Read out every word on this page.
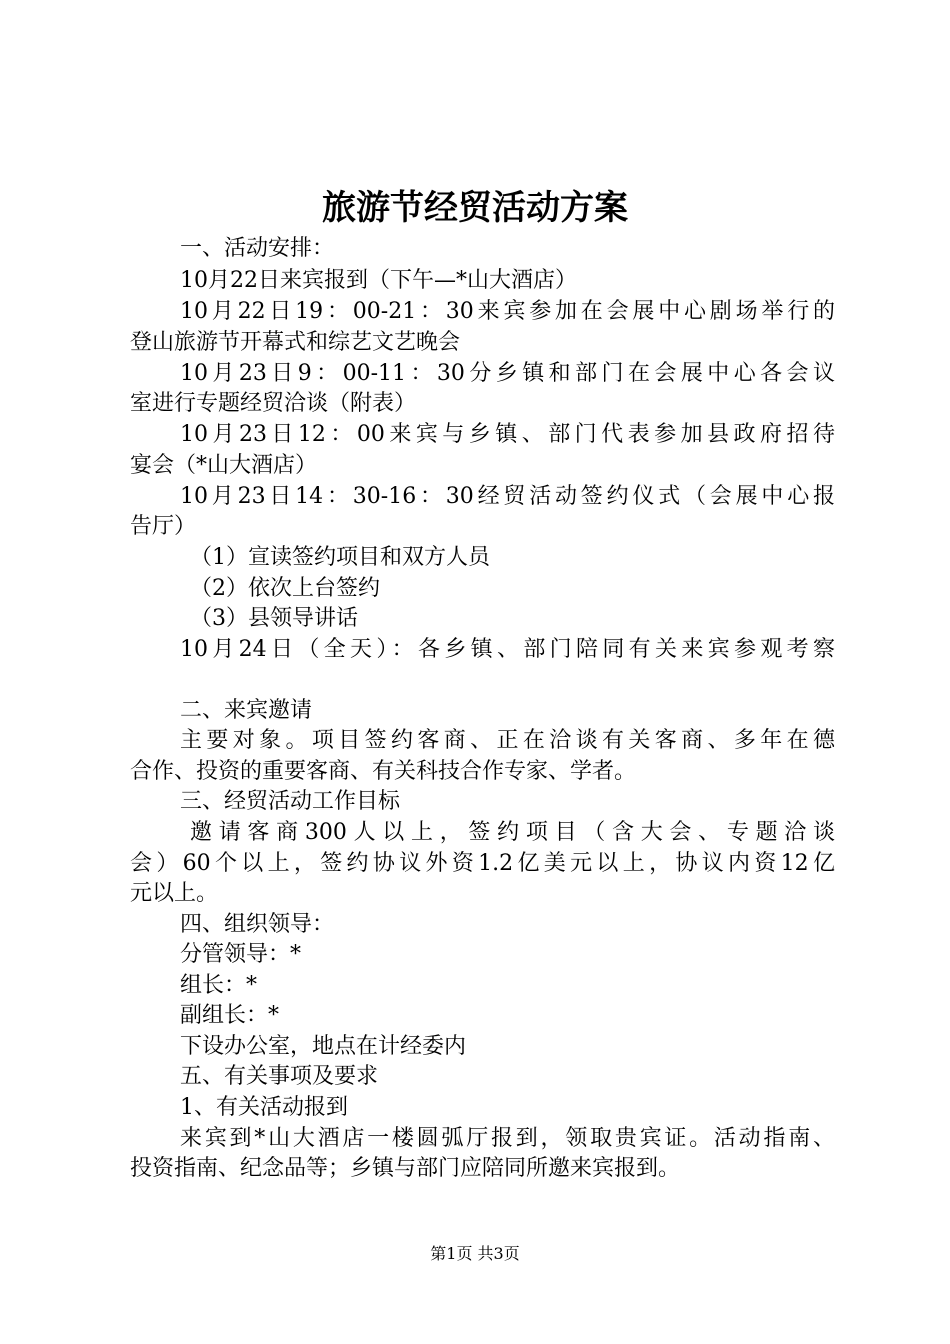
旅游节经贸活动方案
一、活动安排：
10月22日来宾报到（下午—*山大酒店）
10月22日19：00-21：30来宾参加在会展中心剧场举行的
登山旅游节开幕式和综艺文艺晚会
10月23日9：00-11：30分乡镇和部门在会展中心各会议
室进行专题经贸洽谈（附表）
10月23日12：00来宾与乡镇、部门代表参加县政府招待
宴会（*山大酒店）
10月23日14：30-16：30经贸活动签约仪式（会展中心报
告厅）
（1）宣读签约项目和双方人员
（2）依次上台签约
（3）县领导讲话
10月24日（全天）：各乡镇、部门陪同有关来宾参观考察
二、来宾邀请
主要对象。项目签约客商、正在洽谈有关客商、多年在德
合作、投资的重要客商、有关科技合作专家、学者。
三、经贸活动工作目标
邀请客商300人以上，签约项目（含大会、专题洽谈
会）60个以上，签约协议外资1.2亿美元以上，协议内资12亿
元以上。
四、组织领导：
分管领导：*
组长：*
副组长：*
下设办公室，地点在计经委内
五、有关事项及要求
1、有关活动报到
来宾到*山大酒店一楼圆弧厅报到，领取贵宾证。活动指南、
投资指南、纪念品等；乡镇与部门应陪同所邀来宾报到。
第1页 共3页
